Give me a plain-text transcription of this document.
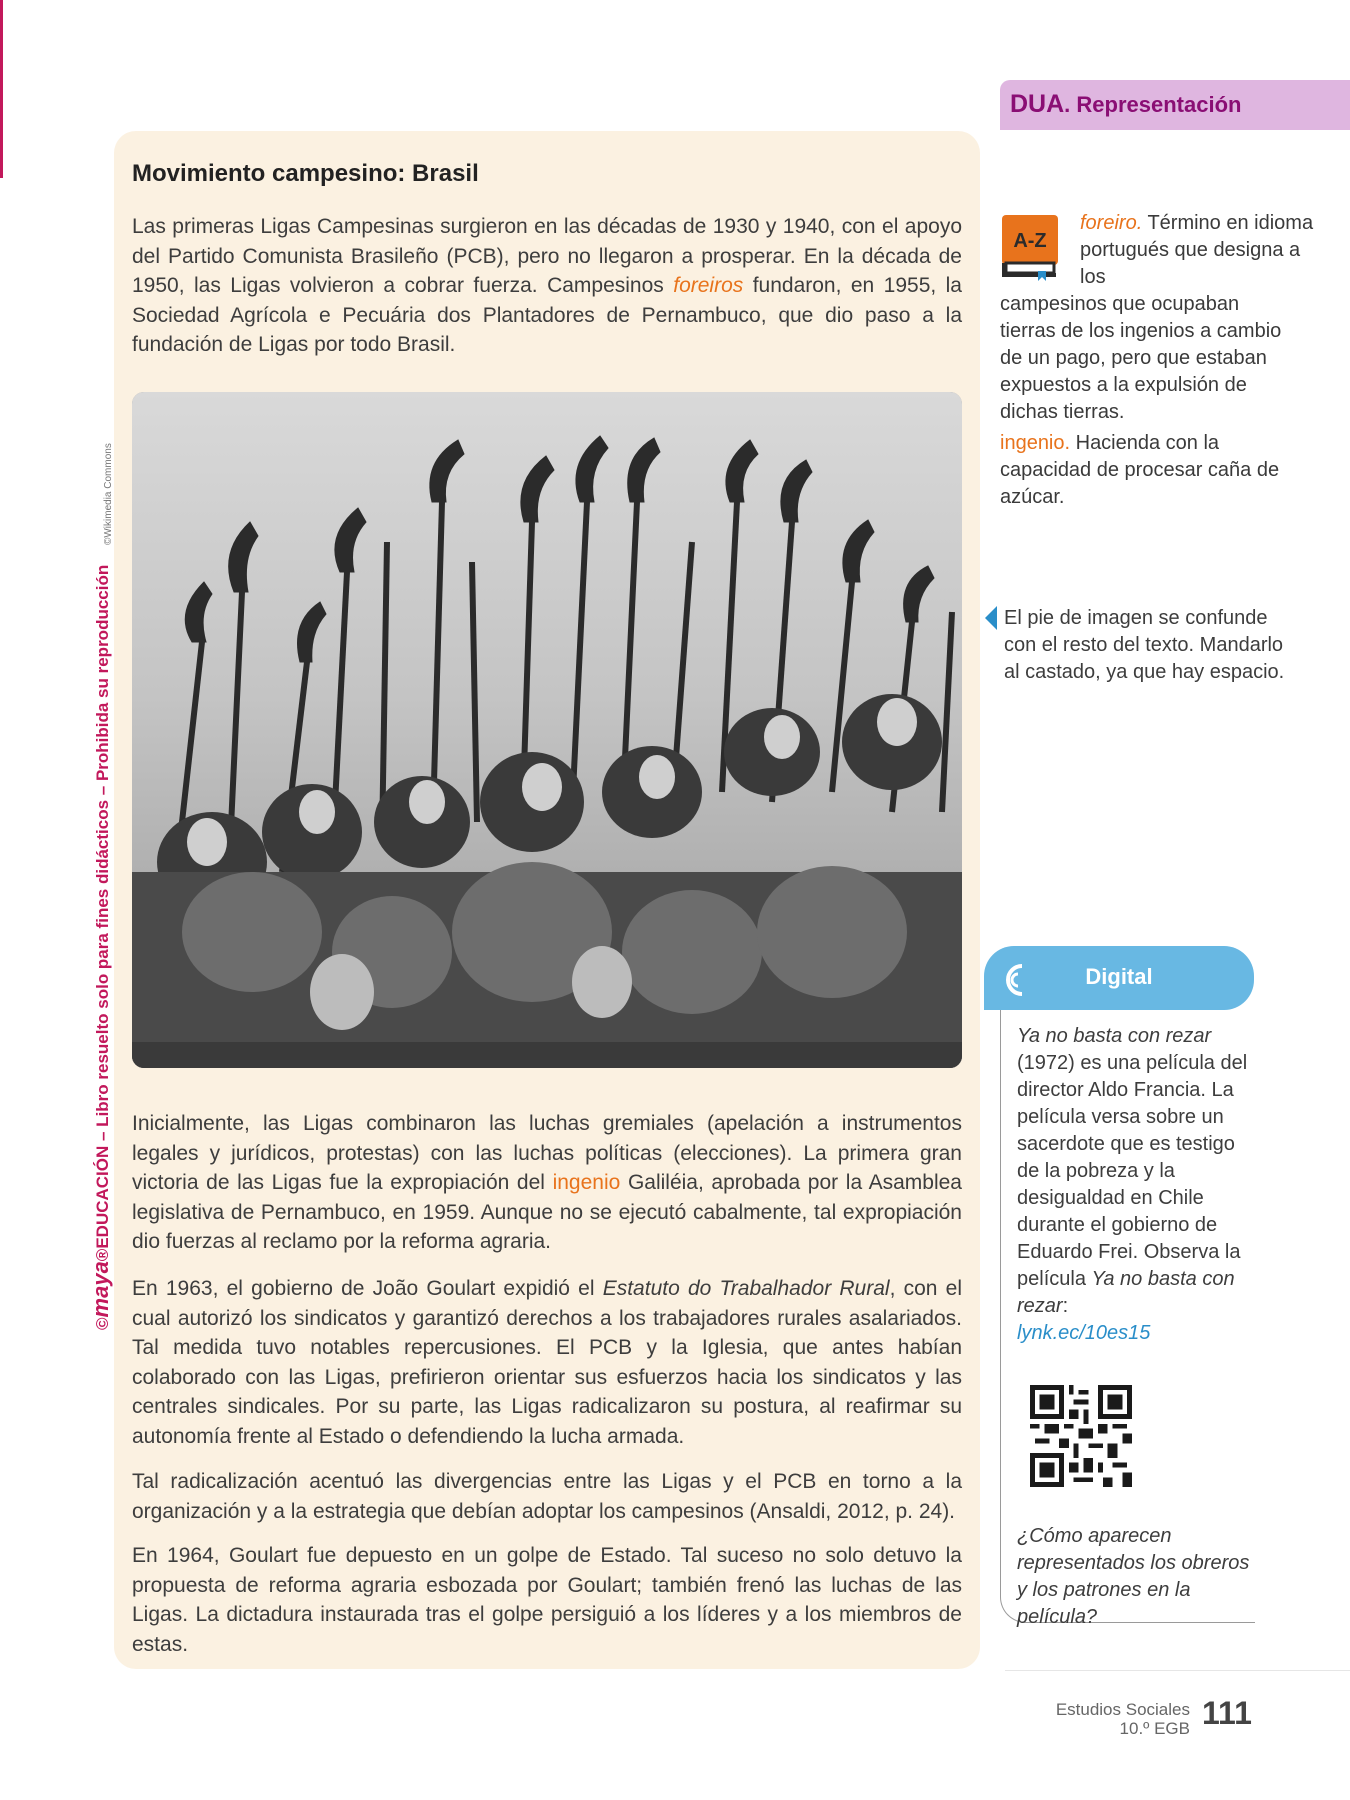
©maya®EDUCACIÓN – Libro resuelto solo para fines didácticos – Prohibida su reproducción
©Wikimedia Commons
DUA. Representación
Movimiento campesino: Brasil

Las primeras Ligas Campesinas surgieron en las décadas de 1930 y 1940, con el apoyo del Partido Comunista Brasileño (PCB), pero no llegaron a prosperar. En la década de 1950, las Ligas volvieron a cobrar fuerza. Campesinos foreiros fundaron, en 1955, la Sociedad Agrícola e Pecuária dos Plantadores de Pernambuco, que dio paso a la fundación de Ligas por todo Brasil.

Inicialmente, las Ligas combinaron las luchas gremiales (apelación a instrumentos legales y jurídicos, protestas) con las luchas políticas (elecciones). La primera gran victoria de las Ligas fue la expropiación del ingenio Galiléia, aprobada por la Asamblea legislativa de Pernambuco, en 1959. Aunque no se ejecutó cabalmente, tal expropiación dio fuerzas al reclamo por la reforma agraria.

En 1963, el gobierno de João Goulart expidió el Estatuto do Trabalhador Rural, con el cual autorizó los sindicatos y garantizó derechos a los trabajadores rurales asalariados. Tal medida tuvo notables repercusiones. El PCB y la Iglesia, que antes habían colaborado con las Ligas, prefirieron orientar sus esfuerzos hacia los sindicatos y las centrales sindicales. Por su parte, las Ligas radicalizaron su postura, al reafirmar su autonomía frente al Estado o defendiendo la lucha armada.

Tal radicalización acentuó las divergencias entre las Ligas y el PCB en torno a la organización y a la estrategia que debían adoptar los campesinos (Ansaldi, 2012, p. 24).

En 1964, Goulart fue depuesto en un golpe de Estado. Tal suceso no solo detuvo la propuesta de reforma agraria esbozada por Goulart; también frenó las luchas de las Ligas. La dictadura instaurada tras el golpe persiguió a los líderes y a los miembros de estas.

A-Z
foreiro. Término en idioma portugués que designa a los
campesinos que ocupaban tierras de los ingenios a cambio de un pago, pero que estaban expuestos a la expulsión de dichas tierras.
ingenio. Hacienda con la capacidad de procesar caña de azúcar.
El pie de imagen se confunde con el resto del texto. Mandarlo al castado, ya que hay espacio.
Digital
Ya no basta con rezar (1972) es una película del director Aldo Francia. La película versa sobre un sacerdote que es testigo de la pobreza y la desigualdad en Chile durante el gobierno de Eduardo Frei. Observa la película Ya no basta con rezar:
lynk.ec/10es15
¿Cómo aparecen representados los obreros y los patrones en la película?
Estudios Sociales
10.º EGB 111
